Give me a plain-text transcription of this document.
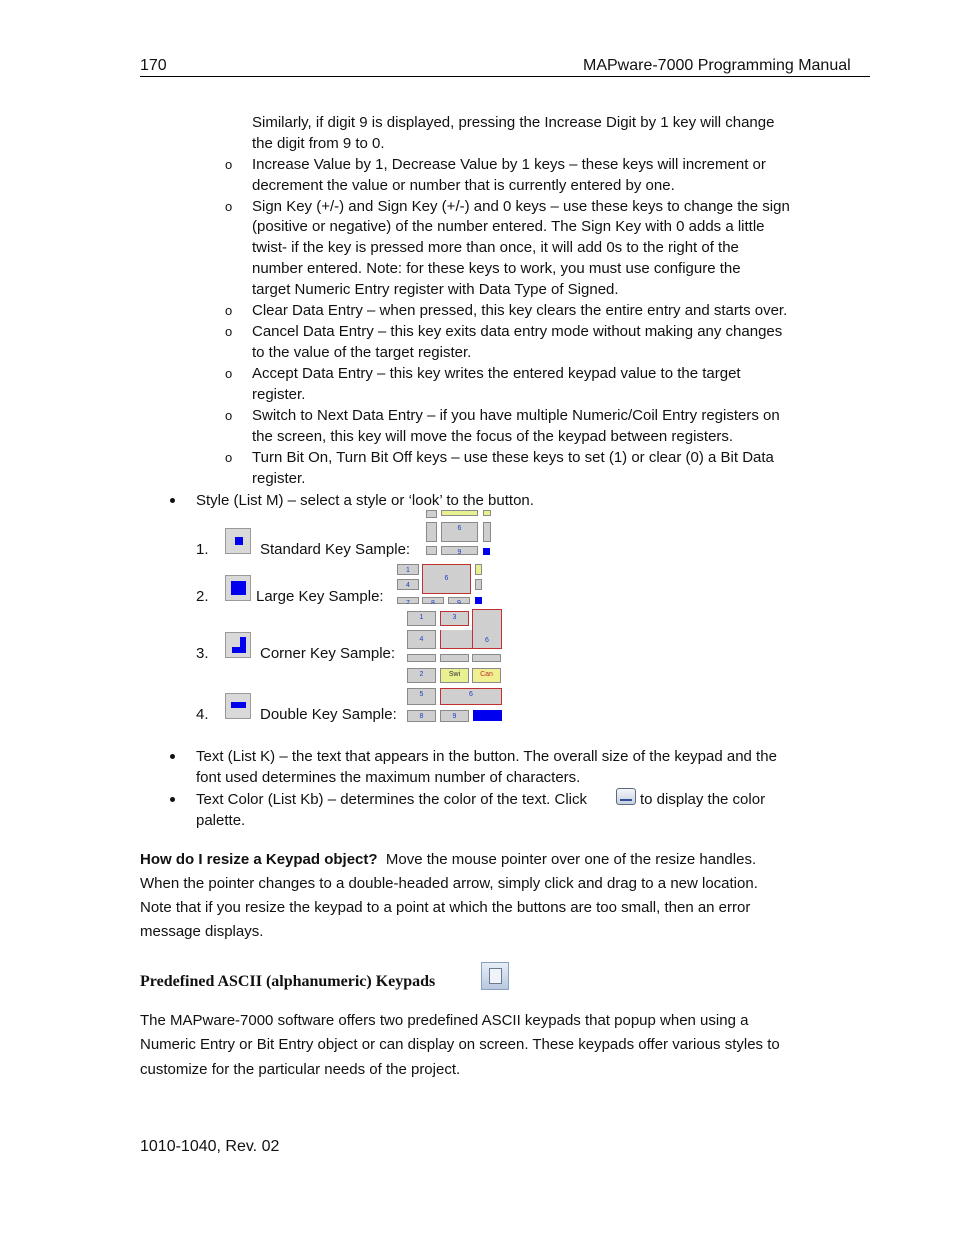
170	MAPware-7000 Programming Manual
Similarly, if digit 9 is displayed, pressing the Increase Digit by 1 key will change
the digit from 9 to 0.
o Increase Value by 1, Decrease Value by 1 keys – these keys will increment or
decrement the value or number that is currently entered by one.
o Sign Key (+/-) and Sign Key (+/-) and 0 keys – use these keys to change the sign
(positive or negative) of the number entered. The Sign Key with 0 adds a little
twist- if the key is pressed more than once, it will add 0s to the right of the
number entered. Note: for these keys to work, you must use configure the
target Numeric Entry register with Data Type of Signed.
o Clear Data Entry – when pressed, this key clears the entire entry and starts over.
o Cancel Data Entry – this key exits data entry mode without making any changes
to the value of the target register.
o Accept Data Entry – this key writes the entered keypad value to the target
register.
o Switch to Next Data Entry – if you have multiple Numeric/Coil Entry registers on
the screen, this key will move the focus of the keypad between registers.
o Turn Bit On, Turn Bit Off keys – use these keys to set (1) or clear (0) a Bit Data
register.
Style (List M) – select a style or ‘look’ to the button.
1.	Standard Key Sample:
6
9
2.	Large Key Sample:
1
6
4
7	8	9
3.	Corner Key Sample:
1	3
6
4
4.	Double Key Sample:
2	Swi	Can
5	6
8	9
Text (List K) – the text that appears in the button. The overall size of the keypad and the
font used determines the maximum number of characters.
Text Color (List Kb) – determines the color of the text. Click	to display the color
palette.
How do I resize a Keypad object?  Move the mouse pointer over one of the resize handles.
When the pointer changes to a double-headed arrow, simply click and drag to a new location.
Note that if you resize the keypad to a point at which the buttons are too small, then an error
message displays.
Predefined ASCII (alphanumeric) Keypads
The MAPware-7000 software offers two predefined ASCII keypads that popup when using a
Numeric Entry or Bit Entry object or can display on screen. These keypads offer various styles to
customize for the particular needs of the project.
1010-1040, Rev. 02
